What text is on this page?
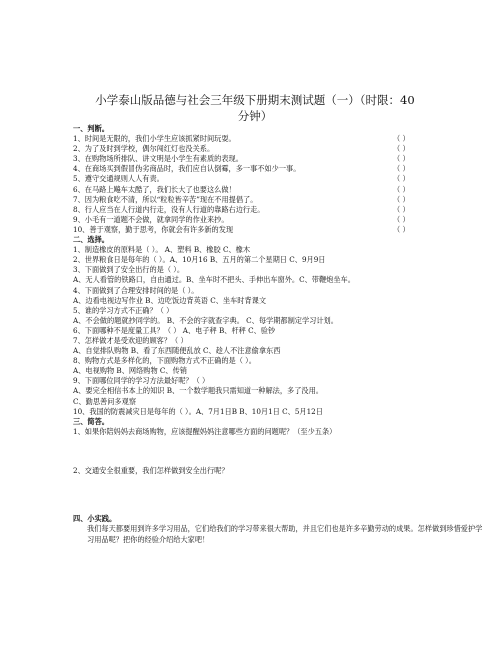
小学泰山版品德与社会三年级下册期末测试题（一）（时限：40
分钟）
一、判断。
1、时间是无限的，我们小学生应该抓紧时间玩耍。	（ ）
2、为了及时到学校，偶尔闯红灯也没关系。	（ ）
3、在购物场所排队、讲文明是小学生有素质的表现。	（ ）
4、在商场买到假冒伪劣商品时，我们应自认倒霉，多一事不如少一事。	（ ）
5、遵守交通规则人人有责。	（ ）
6、在马路上飚车太酷了，我们长大了也要这么做！	（ ）
7、因为粮食吃不清，所以“粒粒皆辛苦”现在不用提倡了。	（ ）
8、行人应当在人行道内行走，没有人行道的靠路右边行走。	（ ）
9、小毛有一道题不会做，就拿同学的作业来抄。	（ ）
10、善于观察，勤于思考，你就会有许多新的发现	（ ）
二、选择。
1、制造橡皮的原料是（ ）。 A、塑料 B、橡胶 C、橡木
2、世界粮食日是每年的（ ）。A、10月16 B、五月的第二个星期日 C、9月9日
3、下面做到了安全出行的是（ ）。
A、无人看管的铁路口，自由通过。B、坐车时不把头、手伸出车窗外。C、带鞭炮坐车。
4、下面做到了合理安排时间的是（ ）。
A、边看电视边写作业 B、边吃饭边背英语 C、坐车时背课文
5、谁的学习方式不正确？（ ）
A、不会做的题就抄同学的。 B、不会的字就查字典。 C、每学期都制定学习计划。
6、下面哪种不是度量工具？（ ） A、电子秤 B、杆秤 C、验钞
7、怎样做才是受欢迎的顾客？（ ）
A、自觉排队购物 B、看了东西随便乱放 C、趁人不注意偷拿东西
8、购物方式是多样化的，下面购物方式不正确的是（ ）。
A、电视购物 B、网络购物 C、传销
9、下面哪位同学的学习方法最好呢？（ ）
A、要完全相信书本上的知识 B、一个数学题我只需知道一种解法，多了没用。
C、勤思善问多观察
10、我国的防震减灾日是每年的（ ）。A、7月1日B B、10月1日 C、5月12日
三、简答。
1、如果你陪妈妈去商场购物，应该提醒妈妈注意哪些方面的问题呢？（至少五条）
2、交通安全很重要，我们怎样做到安全出行呢？
四、小实践。
我们每天都要用到许多学习用品，它们给我们的学习带来很大帮助，并且它们也是许多辛勤劳动的成果。怎样做到珍惜爱护学习用品呢？把你的经验介绍给大家吧！
